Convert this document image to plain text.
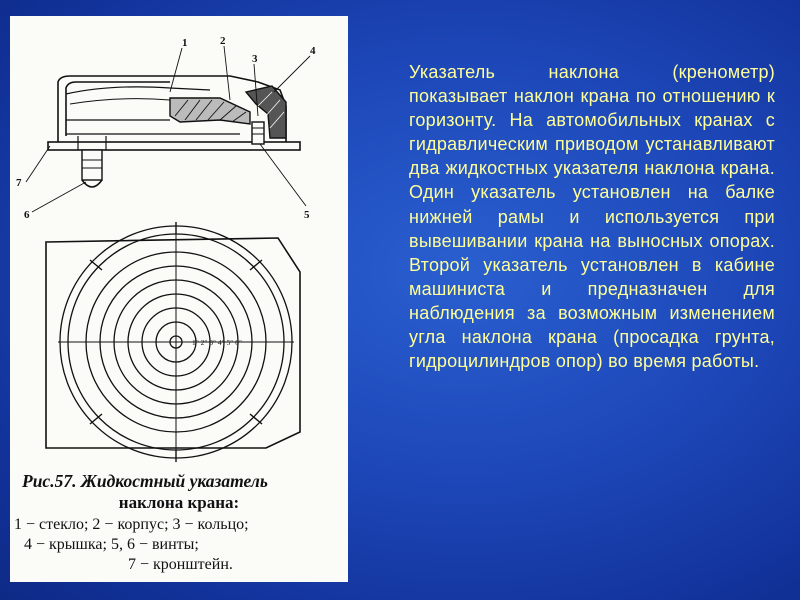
1	2
3
4
5
6
7
1° 2° 3° 4° 5° 6°
Рис.57. Жидкостный указатель
наклона крана:
1 − стекло; 2 − корпус; 3 − кольцо;
4 − крышка; 5, 6 − винты;
7 − кронштейн.
Указатель наклона (кренометр) показывает наклон крана по отношению к горизонту. На автомобильных кранах с гидравлическим приводом устанавливают два жидкостных указателя наклона крана. Один указатель установлен на балке нижней рамы и используется при вывешивании крана на выносных опорах. Второй указатель установлен в кабине машиниста и предназначен для наблюдения за возможным изменением угла наклона крана (просадка грунта, гидроцилиндров опор) во время работы.
